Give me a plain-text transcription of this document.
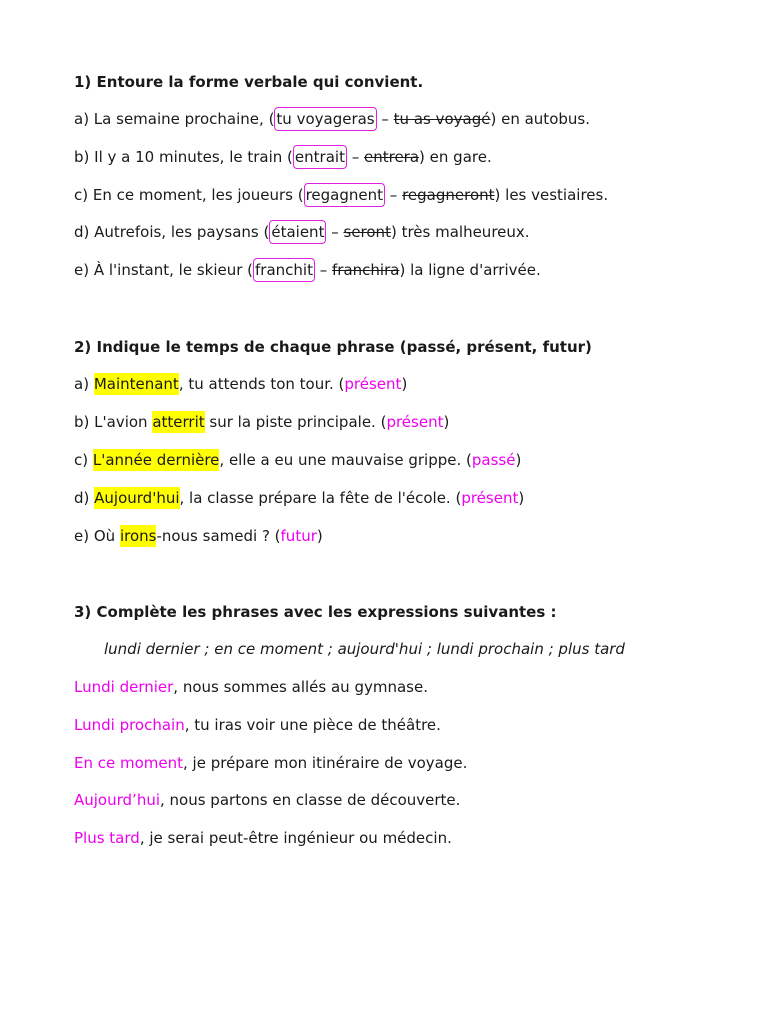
1) Entoure la forme verbale qui convient.
a) La semaine prochaine, ( tu voyageras – tu as voyagé) en autobus.
b) Il y a 10 minutes, le train ( entrait – entrera) en gare.
c) En ce moment, les joueurs ( regagnent – regagneront) les vestiaires.
d) Autrefois, les paysans ( étaient – seront) très malheureux.
e) À l'instant, le skieur ( franchit – franchira) la ligne d'arrivée.
2) Indique le temps de chaque phrase (passé, présent, futur)
a) Maintenant, tu attends ton tour. (présent)
b) L'avion atterrit sur la piste principale. (présent)
c) L'année dernière, elle a eu une mauvaise grippe. (passé)
d) Aujourd'hui, la classe prépare la fête de l'école. (présent)
e) Où irons-nous samedi ? (futur)
3) Complète les phrases avec les expressions suivantes :
lundi dernier ; en ce moment ; aujourd'hui ; lundi prochain ; plus tard
Lundi dernier, nous sommes allés au gymnase.
Lundi prochain, tu iras voir une pièce de théâtre.
En ce moment, je prépare mon itinéraire de voyage.
Aujourd’hui, nous partons en classe de découverte.
Plus tard, je serai peut-être ingénieur ou médecin.
